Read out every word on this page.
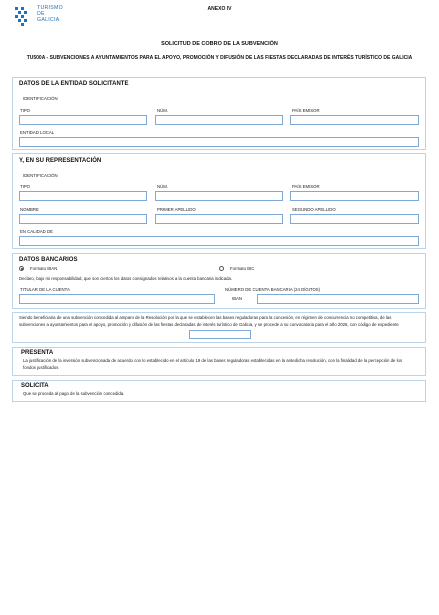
TURISMO
DE
GALICIA
ANEXO IV
SOLICITUD DE COBRO DE LA SUBVENCIÓN
TU500A - SUBVENCIONES A AYUNTAMIENTOS PARA EL APOYO, PROMOCIÓN Y DIFUSIÓN DE LAS FIESTAS DECLARADAS DE INTERÉS TURÍSTICO DE GALICIA
DATOS DE LA ENTIDAD SOLICITANTE
IDENTIFICACIÓN
TIPO	NÚM.	PAÍS EMISOR
ENTIDAD LOCAL
Y, EN SU REPRESENTACIÓN
IDENTIFICACIÓN
TIPO	NÚM.	PAÍS EMISOR
NOMBRE	PRIMER APELLIDO	SEGUNDO APELLIDO
EN CALIDAD DE
DATOS BANCARIOS
Formato IBAN	Formato BIC
Declaro, bajo mi responsabilidad, que son ciertos los datos consignados relativos a la cuenta bancaria indicada.
TITULAR DE LA CUENTA	NÚMERO DE CUENTA BANCARIA (24 DÍGITOS)
IBAN
Siendo beneficiaria de una subvención concedida al amparo de la Resolución por la que se establecen las bases reguladoras para la concesión, en régimen de concurrencia no competitiva, de las subvenciones a ayuntamientos para el apoyo, promoción y difusión de las fiestas declaradas de interés turístico de Galicia, y se procede a su convocatoria para el año 2026, con código de expediente
PRESENTA
La justificación de la inversión subvencionada de acuerdo con lo establecido en el artículo 19 de las bases reguladoras establecidas en la antedicha resolución, con la finalidad de la percepción de los fondos justificados
SOLICITA
Que se proceda al pago de la subvención concedida.
